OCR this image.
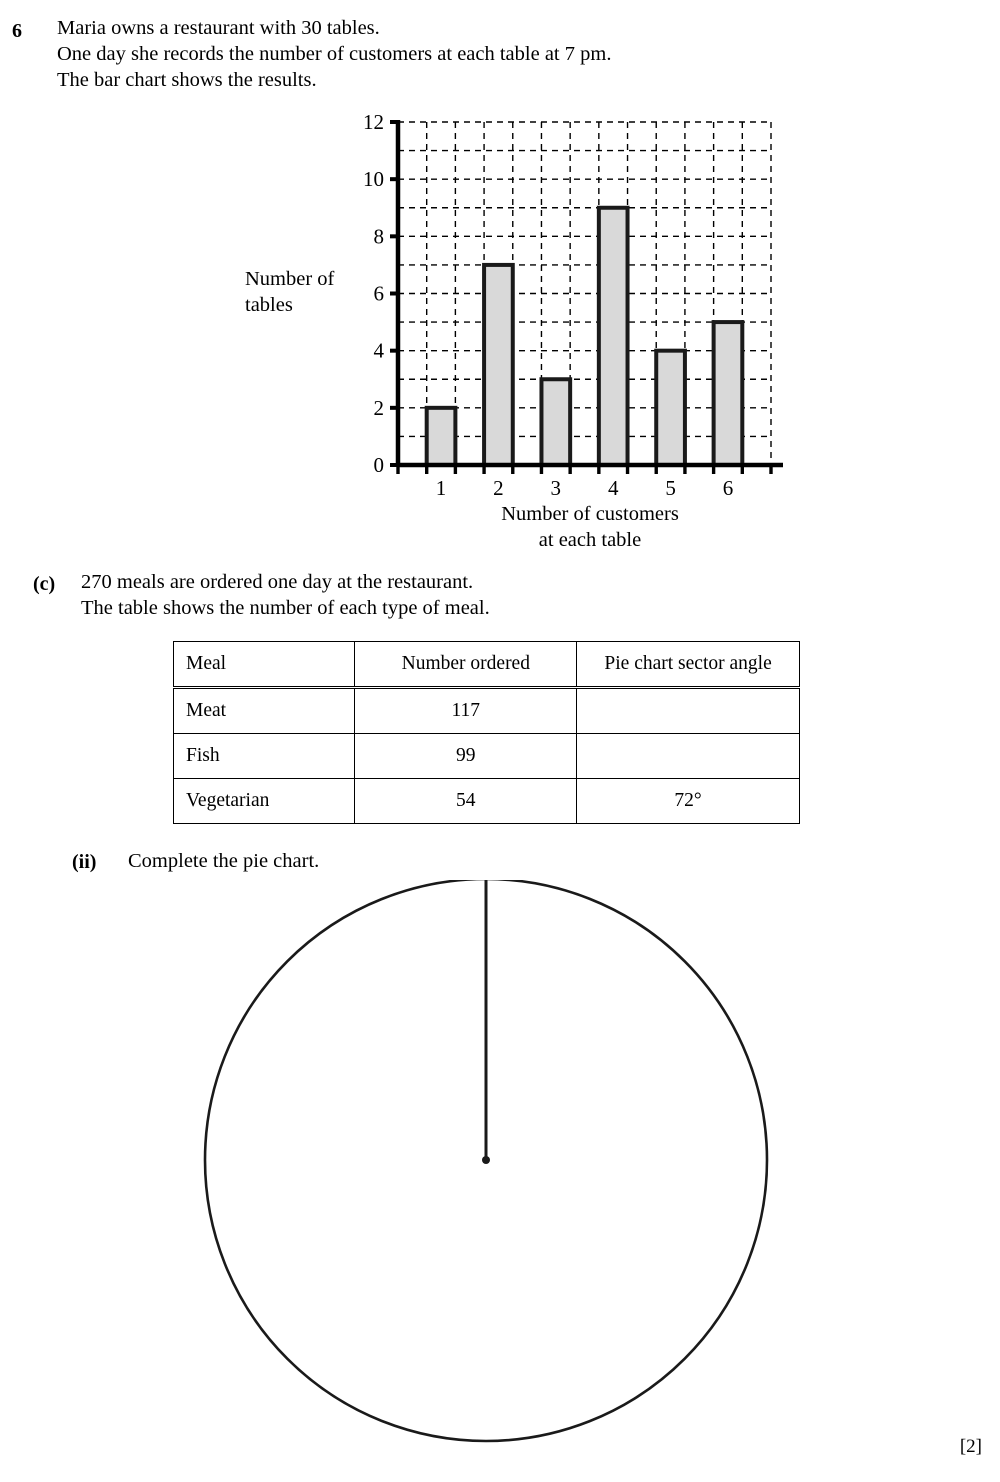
6 Maria owns a restaurant with 30 tables.
One day she records the number of customers at each table at 7 pm.
The bar chart shows the results.
0
2
4
6
8
10
12
1 2 3 4 5 6
Number of
tables
Number of customers
at each table
(c) 270 meals are ordered one day at the restaurant.
The table shows the number of each type of meal.
Meal	Number ordered	Pie chart sector angle
Meat	117	
Fish	99	
Vegetarian	54	72°
(ii) Complete the pie chart.
[2]
